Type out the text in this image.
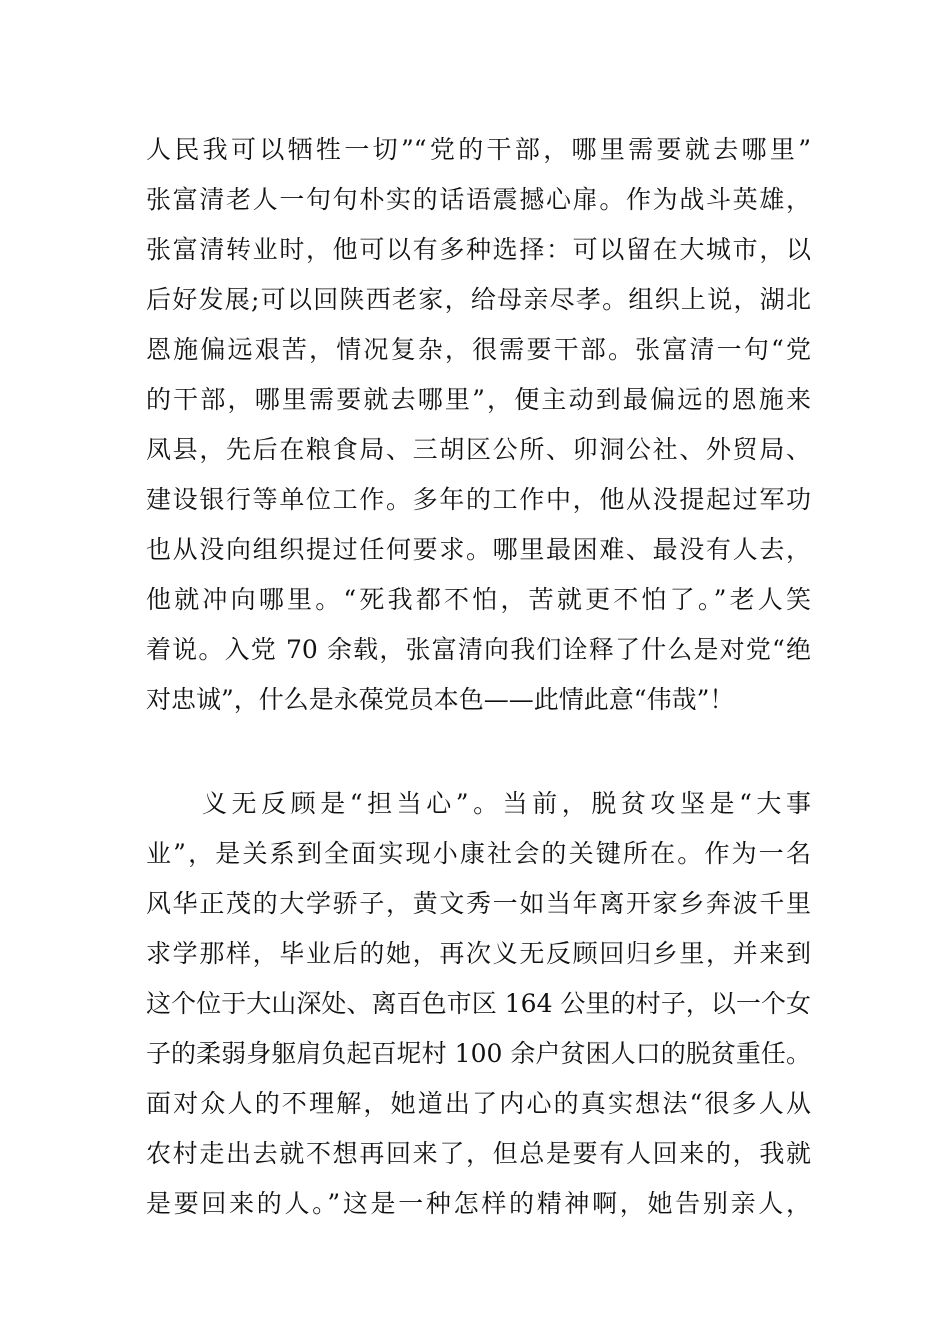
人民我可以牺牲一切”“党的干部，哪里需要就去哪里”
张富清老人一句句朴实的话语震撼心扉。作为战斗英雄，
张富清转业时，他可以有多种选择：可以留在大城市，以
后好发展;可以回陕西老家，给母亲尽孝。组织上说，湖北
恩施偏远艰苦，情况复杂，很需要干部。张富清一句“党
的干部，哪里需要就去哪里”，便主动到最偏远的恩施来
凤县，先后在粮食局、三胡区公所、卯洞公社、外贸局、
建设银行等单位工作。多年的工作中，他从没提起过军功
也从没向组织提过任何要求。哪里最困难、最没有人去，
他就冲向哪里。“死我都不怕，苦就更不怕了。”老人笑
着说。入党 70 余载，张富清向我们诠释了什么是对党“绝
对忠诚”，什么是永葆党员本色——此情此意“伟哉”！

义无反顾是“担当心”。当前，脱贫攻坚是“大事
业”，是关系到全面实现小康社会的关键所在。作为一名
风华正茂的大学骄子，黄文秀一如当年离开家乡奔波千里
求学那样，毕业后的她，再次义无反顾回归乡里，并来到
这个位于大山深处、离百色市区 164 公里的村子，以一个女
子的柔弱身躯肩负起百坭村 100 余户贫困人口的脱贫重任。
面对众人的不理解，她道出了内心的真实想法“很多人从
农村走出去就不想再回来了，但总是要有人回来的，我就
是要回来的人。”这是一种怎样的精神啊，她告别亲人，
